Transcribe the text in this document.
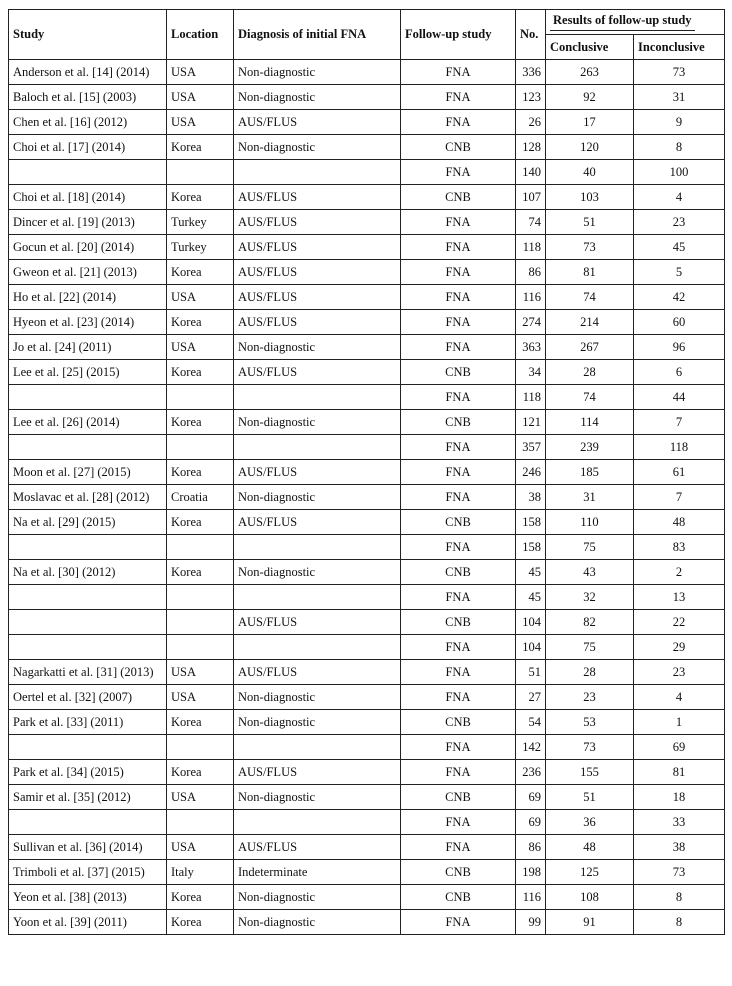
Study	Location	Diagnosis of initial FNA	Follow-up study	No.	Results of follow-up study	
					Conclusive	Inconclusive
Anderson et al. [14] (2014)	USA	Non-diagnostic	FNA	336	263	73
Baloch et al. [15] (2003)	USA	Non-diagnostic	FNA	123	92	31
Chen et al. [16] (2012)	USA	AUS/FLUS	FNA	26	17	9
Choi et al. [17] (2014)	Korea	Non-diagnostic	CNB	128	120	8
			FNA	140	40	100
Choi et al. [18] (2014)	Korea	AUS/FLUS	CNB	107	103	4
Dincer et al. [19] (2013)	Turkey	AUS/FLUS	FNA	74	51	23
Gocun et al. [20] (2014)	Turkey	AUS/FLUS	FNA	118	73	45
Gweon et al. [21] (2013)	Korea	AUS/FLUS	FNA	86	81	5
Ho et al. [22] (2014)	USA	AUS/FLUS	FNA	116	74	42
Hyeon et al. [23] (2014)	Korea	AUS/FLUS	FNA	274	214	60
Jo et al. [24] (2011)	USA	Non-diagnostic	FNA	363	267	96
Lee et al. [25] (2015)	Korea	AUS/FLUS	CNB	34	28	6
			FNA	118	74	44
Lee et al. [26] (2014)	Korea	Non-diagnostic	CNB	121	114	7
			FNA	357	239	118
Moon et al. [27] (2015)	Korea	AUS/FLUS	FNA	246	185	61
Moslavac et al. [28] (2012)	Croatia	Non-diagnostic	FNA	38	31	7
Na et al. [29] (2015)	Korea	AUS/FLUS	CNB	158	110	48
			FNA	158	75	83
Na et al. [30] (2012)	Korea	Non-diagnostic	CNB	45	43	2
			FNA	45	32	13
		AUS/FLUS	CNB	104	82	22
			FNA	104	75	29
Nagarkatti et al. [31] (2013)	USA	AUS/FLUS	FNA	51	28	23
Oertel et al. [32] (2007)	USA	Non-diagnostic	FNA	27	23	4
Park et al. [33] (2011)	Korea	Non-diagnostic	CNB	54	53	1
			FNA	142	73	69
Park et al. [34] (2015)	Korea	AUS/FLUS	FNA	236	155	81
Samir et al. [35] (2012)	USA	Non-diagnostic	CNB	69	51	18
			FNA	69	36	33
Sullivan et al. [36] (2014)	USA	AUS/FLUS	FNA	86	48	38
Trimboli et al. [37] (2015)	Italy	Indeterminate	CNB	198	125	73
Yeon et al. [38] (2013)	Korea	Non-diagnostic	CNB	116	108	8
Yoon et al. [39] (2011)	Korea	Non-diagnostic	FNA	99	91	8
